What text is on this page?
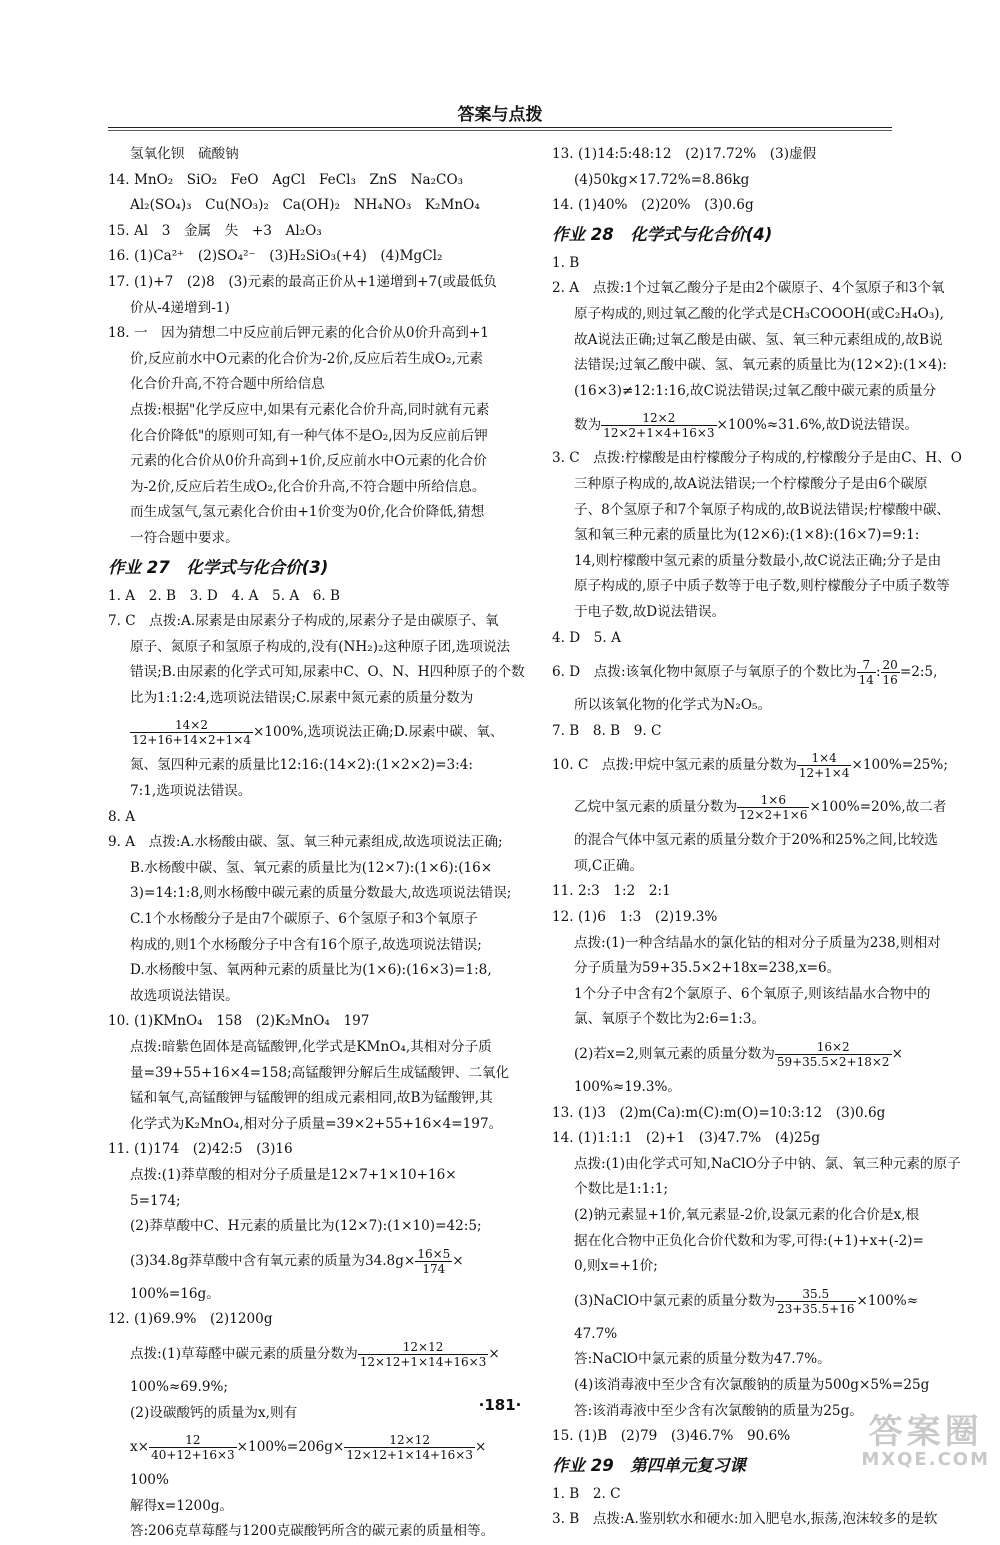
答案与点拨
氢氧化钡　硫酸钠
14. MnO₂　SiO₂　FeO　AgCl　FeCl₃　ZnS　Na₂CO₃
Al₂(SO₄)₃　Cu(NO₃)₂　Ca(OH)₂　NH₄NO₃　K₂MnO₄
15. Al　3　金属　失　+3　Al₂O₃
16. (1)Ca²⁺　(2)SO₄²⁻　(3)H₂SiO₃(+4)　(4)MgCl₂
17. (1)+7　(2)8　(3)元素的最高正价从+1递增到+7(或最低负
价从-4递增到-1)
18. 一　因为猜想二中反应前后钾元素的化合价从0价升高到+1
价,反应前水中O元素的化合价为-2价,反应后若生成O₂,元素
化合价升高,不符合题中所给信息
点拨:根据"化学反应中,如果有元素化合价升高,同时就有元素
化合价降低"的原则可知,有一种气体不是O₂,因为反应前后钾
元素的化合价从0价升高到+1价,反应前水中O元素的化合价
为-2价,反应后若生成O₂,化合价升高,不符合题中所给信息。
而生成氢气,氢元素化合价由+1价变为0价,化合价降低,猜想
一符合题中要求。
作业 27　化学式与化合价(3)
1. A　2. B　3. D　4. A　5. A　6. B
7. C　点拨:A.尿素是由尿素分子构成的,尿素分子是由碳原子、氧
原子、氮原子和氢原子构成的,没有(NH₂)₂这种原子团,选项说法
错误;B.由尿素的化学式可知,尿素中C、O、N、H四种原子的个数
比为1:1:2:4,选项说法错误;C.尿素中氮元素的质量分数为
$\frac{14\times 2}{12+16+14\times 2+1\times 4} \times 100\%$,选项说法正确;D.尿素中碳、氧、
氮、氢四种元素的质量比12:16:(14×2):(1×2×2)=3:4:
7:1,选项说法错误。
8. A
9. A　点拨:A.水杨酸由碳、氢、氧三种元素组成,故选项说法正确;
B.水杨酸中碳、氢、氧元素的质量比为(12×7):(1×6):(16×
3)=14:1:8,则水杨酸中碳元素的质量分数最大,故选项说法错误;
C.1个水杨酸分子是由7个碳原子、6个氢原子和3个氧原子
构成的,则1个水杨酸分子中含有16个原子,故选项说法错误;
D.水杨酸中氢、氧两种元素的质量比为(1×6):(16×3)=1:8,
故选项说法错误。
10. (1)KMnO₄　158　(2)K₂MnO₄　197
点拨:暗紫色固体是高锰酸钾,化学式是KMnO₄,其相对分子质
量=39+55+16×4=158;高锰酸钾分解后生成锰酸钾、二氧化
锰和氧气,高锰酸钾与锰酸钾的组成元素相同,故B为锰酸钾,其
化学式为K₂MnO₄,相对分子质量=39×2+55+16×4=197。
11. (1)174　(2)42:5　(3)16
点拨:(1)莽草酸的相对分子质量是12×7+1×10+16×
5=174;
(2)莽草酸中C、H元素的质量比为(12×7):(1×10)=42:5;
(3)34.8g莽草酸中含有氧元素的质量为$34.8g\times \frac{16\times 5}{174}$ ×
100%=16g。
12. (1)69.9%　(2)1200g
点拨:(1)草莓醛中碳元素的质量分数为 $\frac{12\times 12}{12\times 12+1\times 14+16\times 3}$ ×
100%≈69.9%;
(2)设碳酸钙的质量为x,则有
$x\times \frac{12}{40+12+16\times 3} \times 100\%=206g\times \frac{12\times 12}{12\times 12+1\times 14+16\times 3}$ ×
100%
解得x=1200g。
答:206克草莓醛与1200克碳酸钙所含的碳元素的质量相等。
13. (1)14:5:48:12　(2)17.72%　(3)虚假
(4)50kg×17.72%=8.86kg
14. (1)40%　(2)20%　(3)0.6g
作业 28　化学式与化合价(4)
1. B
2. A　点拨:1个过氧乙酸分子是由2个碳原子、4个氢原子和3个氧
原子构成的,则过氧乙酸的化学式是CH₃COOOH(或C₂H₄O₃),
故A说法正确;过氧乙酸是由碳、氢、氧三种元素组成的,故B说
法错误;过氧乙酸中碳、氢、氧元素的质量比为(12×2):(1×4):
(16×3)≠12:1:16,故C说法错误;过氧乙酸中碳元素的质量分
数为 $\frac{12\times 2}{12\times 2+1\times 4+16\times 3} \times 100\%\approx 31.6\%$,故D说法错误。
3. C　点拨:柠檬酸是由柠檬酸分子构成的,柠檬酸分子是由C、H、O
三种原子构成的,故A说法错误;一个柠檬酸分子是由6个碳原
子、8个氢原子和7个氧原子构成的,故B说法错误;柠檬酸中碳、
氢和氧三种元素的质量比为(12×6):(1×8):(16×7)=9:1:
14,则柠檬酸中氢元素的质量分数最小,故C说法正确;分子是由
原子构成的,原子中质子数等于电子数,则柠檬酸分子中质子数等
于电子数,故D说法错误。
4. D　5. A
6. D　点拨:该氧化物中氮原子与氧原子的个数比为 $\frac{7}{14}$ : $\frac{20}{16}$ =2:5,
所以该氧化物的化学式为N₂O₅。
7. B　8. B　9. C
10. C　点拨:甲烷中氢元素的质量分数为 $\frac{1\times 4}{12+1\times 4} \times 100\%=25\%$;
乙烷中氢元素的质量分数为 $\frac{1\times 6}{12\times 2+1\times 6} \times 100\%=20\%$,故二者
的混合气体中氢元素的质量分数介于20%和25%之间,比较选
项,C正确。
11. 2:3　1:2　2:1
12. (1)6　1:3　(2)19.3%
点拨:(1)一种含结晶水的氯化钴的相对分子质量为238,则相对
分子质量为59+35.5×2+18x=238,x=6。
1个分子中含有2个氯原子、6个氧原子,则该结晶水合物中的
氯、氧原子个数比为2:6=1:3。
(2)若x=2,则氧元素的质量分数为 $\frac{16\times 2}{59+35.5\times 2+18\times 2}$ ×
100%≈19.3%。
13. (1)3　(2)m(Ca):m(C):m(O)=10:3:12　(3)0.6g
14. (1)1:1:1　(2)+1　(3)47.7%　(4)25g
点拨:(1)由化学式可知,NaClO分子中钠、氯、氧三种元素的原子
个数比是1:1:1;
(2)钠元素显+1价,氧元素显-2价,设氯元素的化合价是x,根
据在化合物中正负化合价代数和为零,可得:(+1)+x+(-2)=
0,则x=+1价;
(3)NaClO中氯元素的质量分数为 $\frac{35.5}{23+35.5+16} \times 100\%\approx$
47.7%
答:NaClO中氯元素的质量分数为47.7%。
(4)该消毒液中至少含有次氯酸钠的质量为500g×5%=25g
答:该消毒液中至少含有次氯酸钠的质量为25g。
15. (1)B　(2)79　(3)46.7%　90.6%
作业 29　第四单元复习课
1. B　2. C
3. B　点拨:A.鉴别软水和硬水:加入肥皂水,振荡,泡沫较多的是软
·181·
答案圈
MXQE.COM
